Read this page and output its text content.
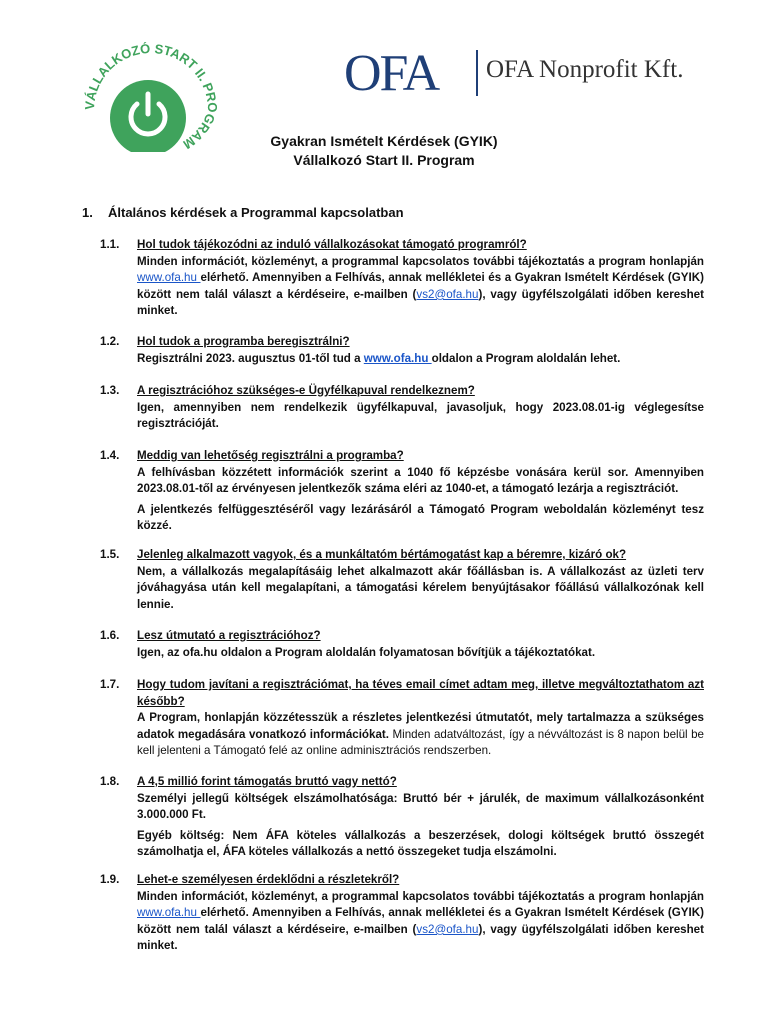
VÁLLALKOZÓ START II. PROGRAM
OFA OFA Nonprofit Kft.
Gyakran Ismételt Kérdések (GYIK)
Vállalkozó Start II. Program
1. Általános kérdések a Programmal kapcsolatban
1.1. Hol tudok tájékozódni az induló vállalkozásokat támogató programról?
Minden információt, közleményt, a programmal kapcsolatos további tájékoztatás a program honlapján www.ofa.hu elérhető. Amennyiben a Felhívás, annak mellékletei és a Gyakran Ismételt Kérdések (GYIK) között nem talál választ a kérdéseire, e-mailben (vs2@ofa.hu), vagy ügyfélszolgálati időben kereshet minket.
1.2. Hol tudok a programba beregisztrálni?
Regisztrálni 2023. augusztus 01-től tud a www.ofa.hu oldalon a Program aloldalán lehet.
1.3. A regisztrációhoz szükséges-e Ügyfélkapuval rendelkeznem?
Igen, amennyiben nem rendelkezik ügyfélkapuval, javasoljuk, hogy 2023.08.01-ig véglegesítse regisztrációját.
1.4. Meddig van lehetőség regisztrálni a programba?

A felhívásban közzétett információk szerint a 1040 fő képzésbe vonására kerül sor. Amennyiben 2023.08.01-től az érvényesen jelentkezők száma eléri az 1040-et, a támogató lezárja a regisztrációt.

A jelentkezés felfüggesztéséről vagy lezárásáról a Támogató Program weboldalán közleményt tesz közzé.

1.5. Jelenleg alkalmazott vagyok, és a munkáltatóm bértámogatást kap a béremre, kizáró ok?
Nem, a vállalkozás megalapításáig lehet alkalmazott akár főállásban is. A vállalkozást az üzleti terv jóváhagyása után kell megalapítani, a támogatási kérelem benyújtásakor főállású vállalkozónak kell lennie.
1.6. Lesz útmutató a regisztrációhoz?
Igen, az ofa.hu oldalon a Program aloldalán folyamatosan bővítjük a tájékoztatókat.
1.7. Hogy tudom javítani a regisztrációmat, ha téves email címet adtam meg, illetve megváltoztathatom azt később?
A Program, honlapján közzétesszük a részletes jelentkezési útmutatót, mely tartalmazza a szükséges adatok megadására vonatkozó információkat. Minden adatváltozást, így a névváltozást is 8 napon belül be kell jelenteni a Támogató felé az online adminisztrációs rendszerben.
1.8. A 4,5 millió forint támogatás bruttó vagy nettó?

Személyi jellegű költségek elszámolhatósága: Bruttó bér + járulék, de maximum vállalkozásonként 3.000.000 Ft.

Egyéb költség: Nem ÁFA köteles vállalkozás a beszerzések, dologi költségek bruttó összegét számolhatja el, ÁFA köteles vállalkozás a nettó összegeket tudja elszámolni.

1.9. Lehet-e személyesen érdeklődni a részletekről?
Minden információt, közleményt, a programmal kapcsolatos további tájékoztatás a program honlapján www.ofa.hu elérhető. Amennyiben a Felhívás, annak mellékletei és a Gyakran Ismételt Kérdések (GYIK) között nem talál választ a kérdéseire, e-mailben (vs2@ofa.hu), vagy ügyfélszolgálati időben kereshet minket.
